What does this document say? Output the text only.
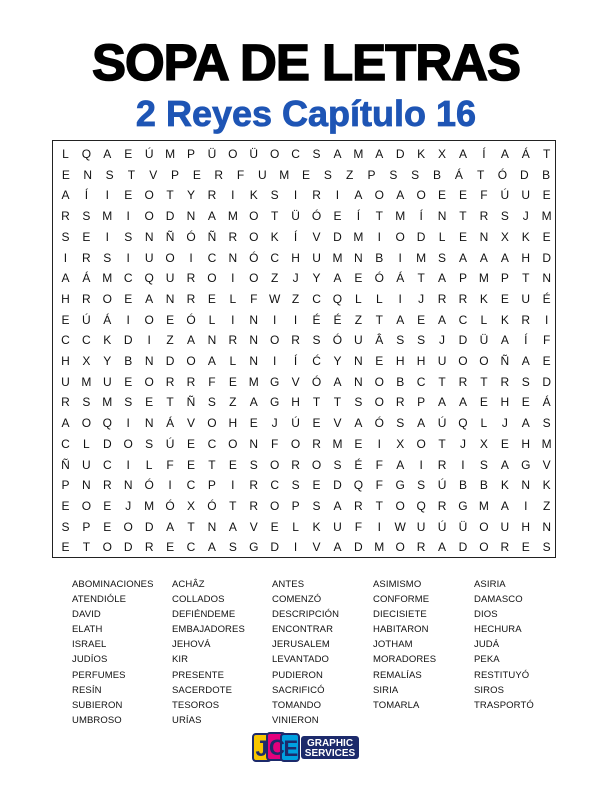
SOPA DE LETRAS
2 Reyes Capítulo 16
L	Q	A	E	Ú M P	Ü O Ü O C	S	A M A	D	K	X	A	Í	A	Á	T
E	N	S	T	V	P	E	R	F	U	M	E	S	Z	P	S	S	B	Á	T	Ó	D	B
A	Í	I	E	O	T	Y	R	I	K	S	I	R	I	A	O	A	O	E	E	F	Ú	U	E
R	S M	I	O D	N	A M O	T	Ü Ó	E	Í	T	M	Í	N	T	R	S	J	M
S	E	I	S	N	Ñ Ó Ñ	R O	K	Í	V	D M	I	O D	L	E	N	X	K	E
I	R	S	I	U O	I	C	N Ó C	H	U M N	B	I	M S	A	A	A	H	D
A	Á M C Q U	R O	I	O	Z	J	Y	A	E	Ó	Á	T	A	P M P	T	N
H	R O	E	A	N	R	E	L	F W Z	C Q	L	L	I	J	R	R	K	E	U	É
E	Ú	Á	I	O	E	Ó	L	I	N	I	I	É	É	Z	T	A	E	A	C	L	K	R	I
C	C	K	D	I	Z	A	N	R	N O R	S	Ó U	Â	S	S	J	D	Ü	A	Í	F
H	X	Y	B	N	D O	A	L	N	I	Í	Ć	Y	N	E	H	H	U O O Ñ	A	E
U M U	E	O R	R	F	E M G	V	Ó	A	N O	B	C	T	R	T	R	S	D
R	S M S	E	T	Ñ	S	Z	A	G H	T	T	S	O R	P	A	A	E	H	E	Á
A	O Q	I	N	Á	V	O H	E	J	Ú	E	V	A	Ó	S	A	Ú Q	L	J	A	S
C	L	D O	S	Ú	E	C O N	F	O R M E	I	X	O	T	J	X	E	H M
Ñ	U	C	I	L	F	E	T	E	S	O R O	S	É	F	A	I	R	I	S	A	G	V
P	N	R	N Ó	I	C	P	I	R	C	S	E	D Q	F	G	S	Ú	B	B	K	N	K
E	O	E	J	M Ó	X	Ó	T	R O	P	S	A	R	T	O Q R G M A	I	Z
S	P	E	O D	A	T	N	A	V	E	L	K	U	F	I	W U	Ú	Ü O U	H	N
E	T	O D	R	E	C	A	S	G D	I	V	A	D M O R	A	D O R	E	S
ABOMINACIONES
ATENDIÓLE
DAVID
ELATH
ISRAEL
JUDÍOS
PERFUMES
RESÍN
SUBIERON
UMBROSO
ACHÂZ
COLLADOS
DEFIÉNDEME
EMBAJADORES
JEHOVÁ
KIR
PRESENTE
SACERDOTE
TESOROS
URÍAS
ANTES
COMENZÓ
DESCRIPCIÓN
ENCONTRAR
JERUSALEM
LEVANTADO
PUDIERON
SACRIFICÓ
TOMANDO
VINIERON
ASIMISMO
CONFORME
DIECISIETE
HABITARON
JOTHAM
MORADORES
REMALÍAS
SIRIA
TOMARLA
ASIRIA
DAMASCO
DIOS
HECHURA
JUDÁ
PEKA
RESTITUYÓ
SIROS
TRASPORTÓ
J C
E GRAPHIC
SERVICES
